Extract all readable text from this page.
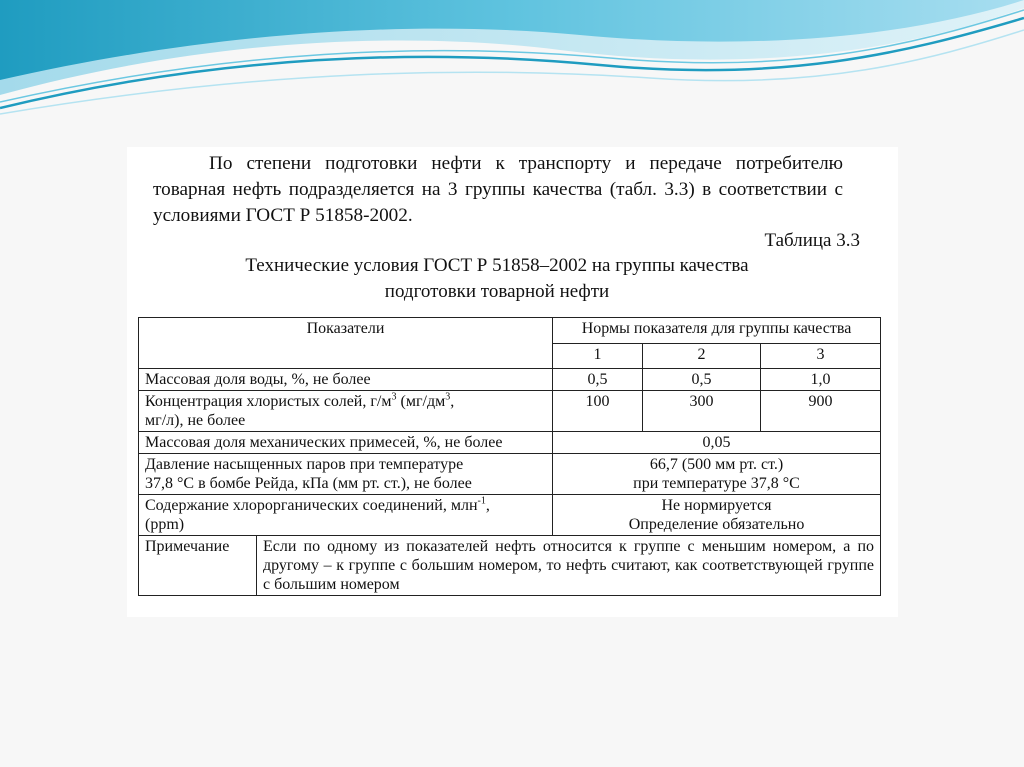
По степени подготовки нефти к транспорту и передаче потребителю товарная нефть подразделяется на 3 группы качества (табл. 3.3) в соответствии с условиями ГОСТ Р 51858-2002.
Таблица 3.3
Технические условия ГОСТ Р 51858–2002 на группы качества
подготовки товарной нефти
Показатели		Нормы показателя для группы качества		
		1	2	3
Массовая доля воды, %, не более		0,5	0,5	1,0
Концентрация хлористых солей, $г/м^3$ ($мг/дм^3$,
мг/л), не более		100	300	900
Массовая доля механических примесей, %, не более		0,05		
Давление насыщенных паров при температуре
37,8 °С в бомбе Рейда, кПа (мм рт. ст.), не более		66,7 (500 мм рт. ст.)
при температуре 37,8 °С		
Содержание хлорорганических соединений, млн$^{-1}$,
(ppm)		Не нормируется
Определение обязательно		
Примечание	Если по одному из показателей нефть относится к группе с меньшим номером, а по другому – к группе с большим номером, то нефть считают, как соответствующей группе с большим номером			
